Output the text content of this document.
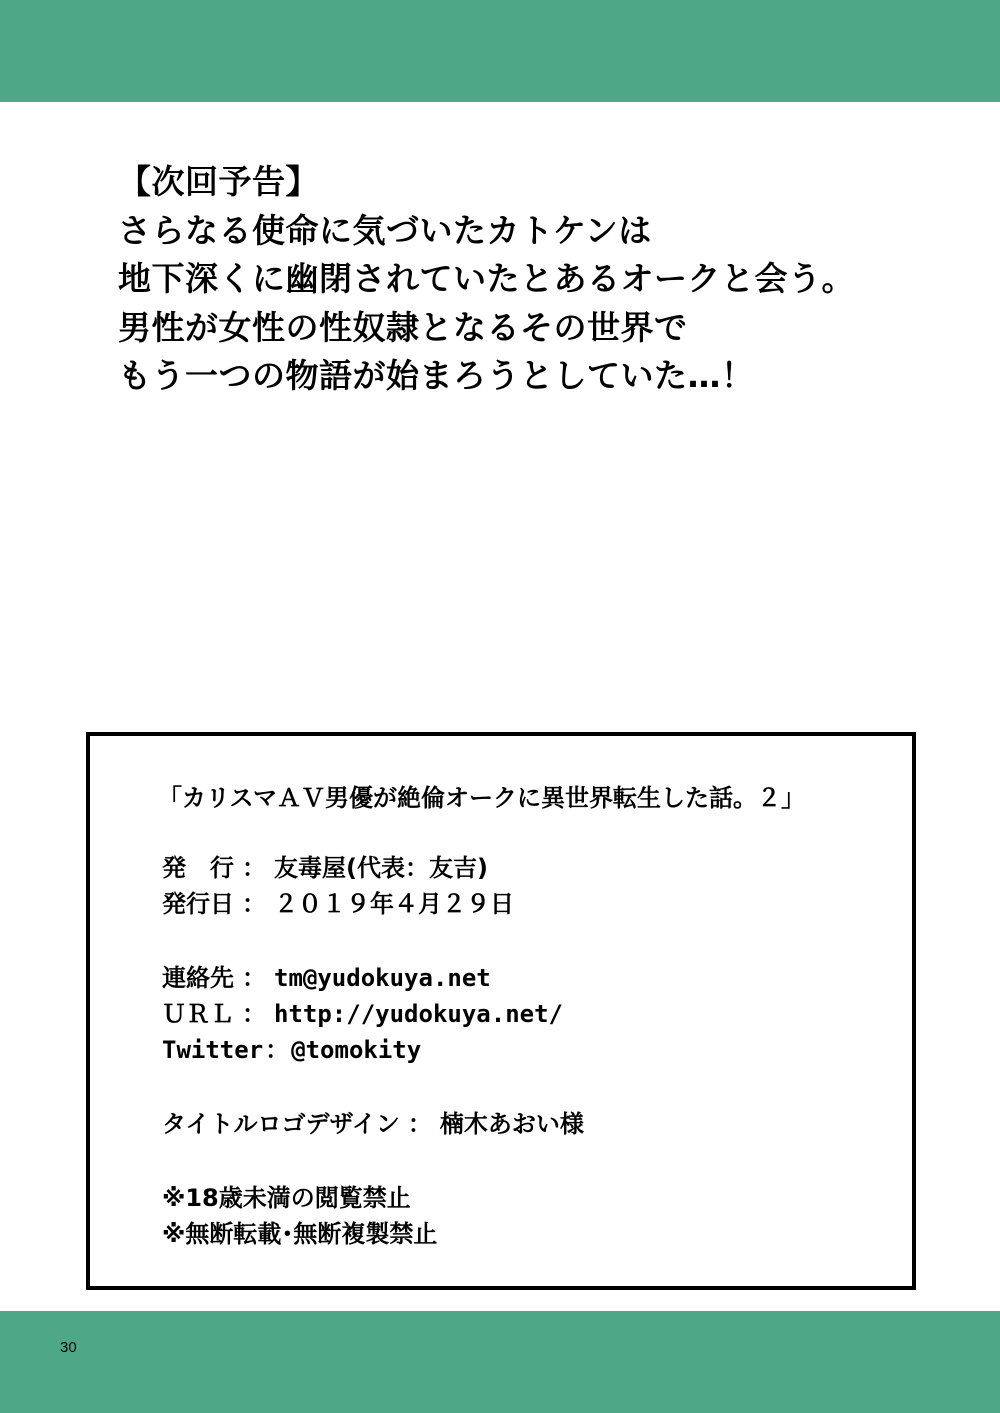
【次回予告】
さらなる使命に気づいたカトケンは
地下深くに幽閉されていたとあるオークと会う。
男性が女性の性奴隷となるその世界で
もう一つの物語が始まろうとしていた…！
「カリスマＡＶ男優が絶倫オークに異世界転生した話。２」
発　行 ： 友毒屋(代表：友吉)
発行日 ： ２０１９年４月２９日
連絡先 ： tm@yudokuya.net
ＵＲＬ ： http://yudokuya.net/
Twitter：@tomokity
タイトルロゴデザイン ： 楠木あおい様
※18歳未満の閲覧禁止
※無断転載･無断複製禁止
30
